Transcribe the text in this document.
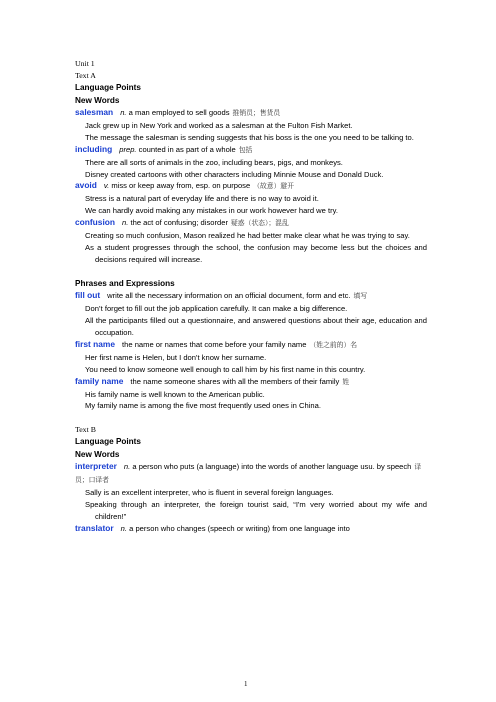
Unit 1
Text A
Language Points
New Words
salesman n. a man employed to sell goods 推销员；售货员
Jack grew up in New York and worked as a salesman at the Fulton Fish Market.
The message the salesman is sending suggests that his boss is the one you need to be talking to.
including prep. counted in as part of a whole 包括
There are all sorts of animals in the zoo, including bears, pigs, and monkeys.
Disney created cartoons with other characters including Minnie Mouse and Donald Duck.
avoid v. miss or keep away from, esp. on purpose （故意）避开
Stress is a natural part of everyday life and there is no way to avoid it.
We can hardly avoid making any mistakes in our work however hard we try.
confusion n. the act of confusing; disorder 疑惑（状态）；混乱
Creating so much confusion, Mason realized he had better make clear what he was trying to say.
As a student progresses through the school, the confusion may become less but the choices and decisions required will increase.
Phrases and Expressions
fill out write all the necessary information on an official document, form and etc. 填写
Don’t forget to fill out the job application carefully. It can make a big difference.
All the participants filled out a questionnaire, and answered questions about their age, education and occupation.
first name the name or names that come before your family name （姓之前的）名
Her first name is Helen, but I don't know her surname.
You need to know someone well enough to call him by his first name in this country.
family name the name someone shares with all the members of their family 姓
His family name is well known to the American public.
My family name is among the five most frequently used ones in China.
Text B
Language Points
New Words
interpreter n. a person who puts (a language) into the words of another language usu. by speech 译员；口译者
Sally is an excellent interpreter, who is fluent in several foreign languages.
Speaking through an interpreter, the foreign tourist said, “I'm very worried about my wife and children!”
translator n. a person who changes (speech or writing) from one language into
1
